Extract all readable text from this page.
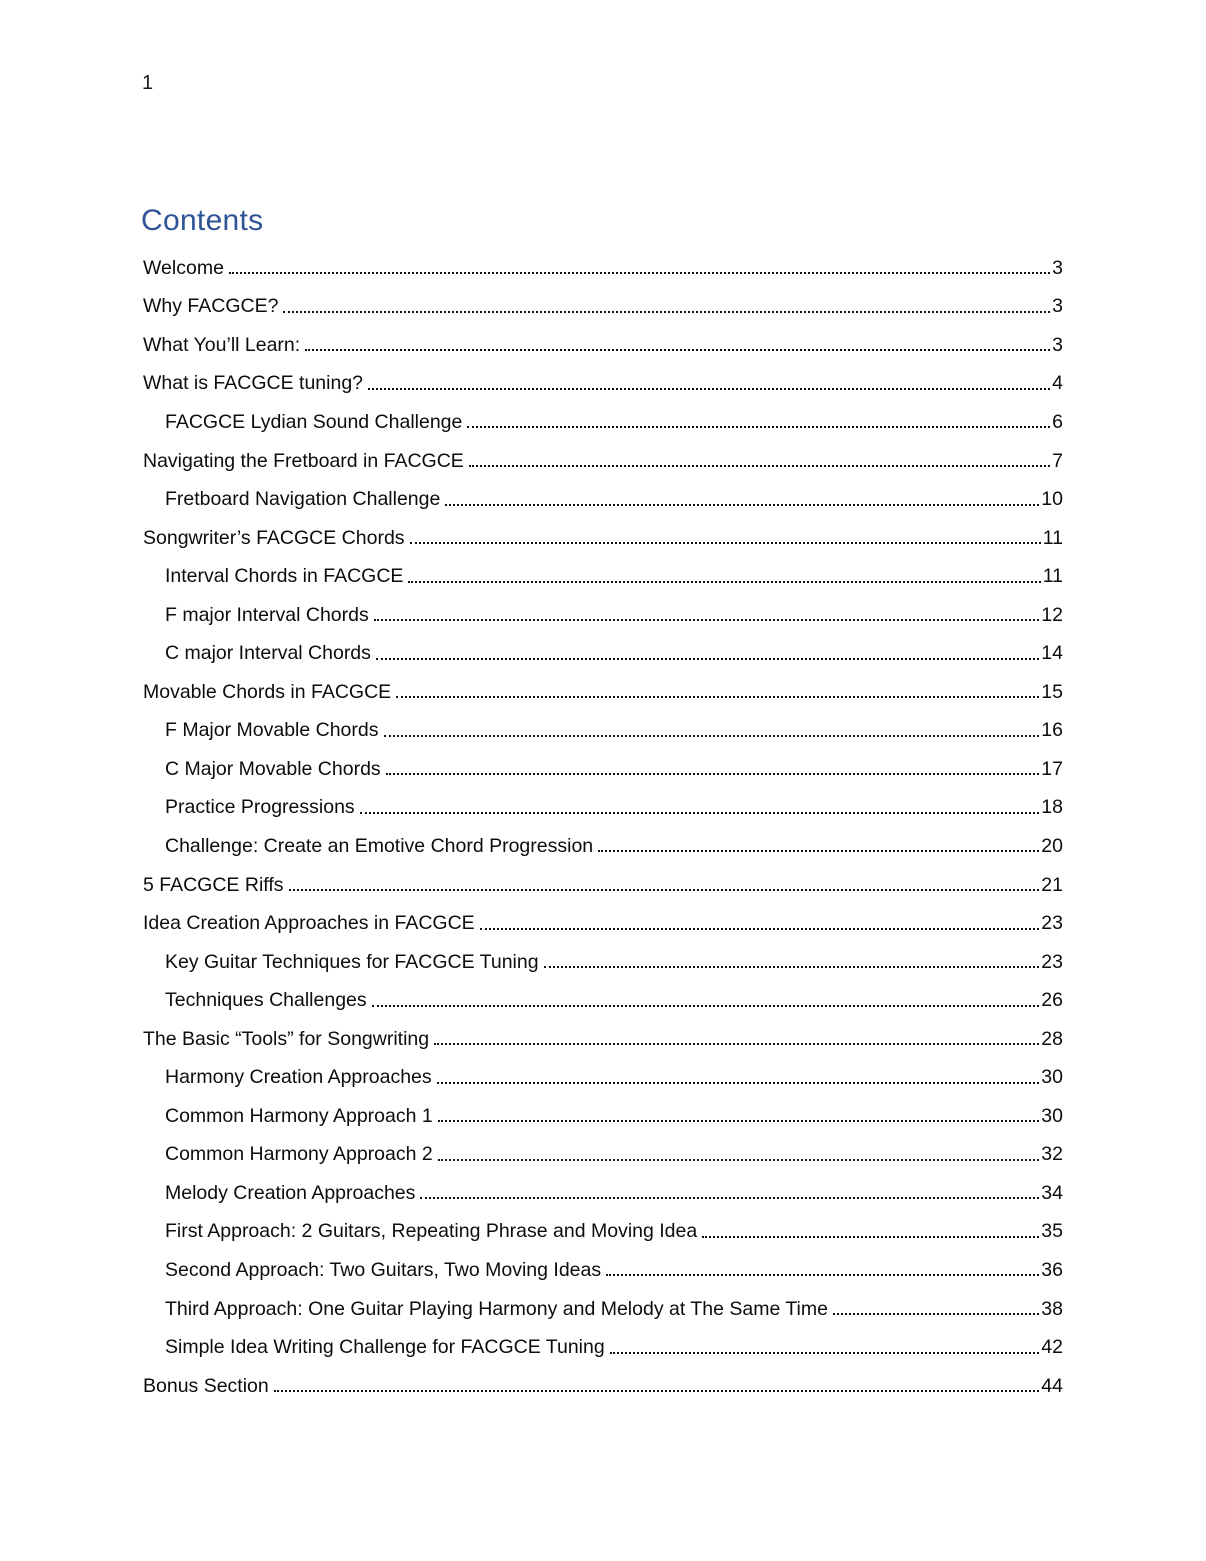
1
Contents
Welcome	3
Why FACGCE?	3
What You’ll Learn:	3
What is FACGCE tuning?	4
FACGCE Lydian Sound Challenge	6
Navigating the Fretboard in FACGCE	7
Fretboard Navigation Challenge	10
Songwriter’s FACGCE Chords	11
Interval Chords in FACGCE	11
F major Interval Chords	12
C major Interval Chords	14
Movable Chords in FACGCE	15
F Major Movable Chords	16
C Major Movable Chords	17
Practice Progressions	18
Challenge: Create an Emotive Chord Progression	20
5 FACGCE Riffs	21
Idea Creation Approaches in FACGCE	23
Key Guitar Techniques for FACGCE Tuning	23
Techniques Challenges	26
The Basic “Tools” for Songwriting	28
Harmony Creation Approaches	30
Common Harmony Approach 1	30
Common Harmony Approach 2	32
Melody Creation Approaches	34
First Approach: 2 Guitars, Repeating Phrase and Moving Idea	35
Second Approach: Two Guitars, Two Moving Ideas	36
Third Approach: One Guitar Playing Harmony and Melody at The Same Time	38
Simple Idea Writing Challenge for FACGCE Tuning	42
Bonus Section	44
